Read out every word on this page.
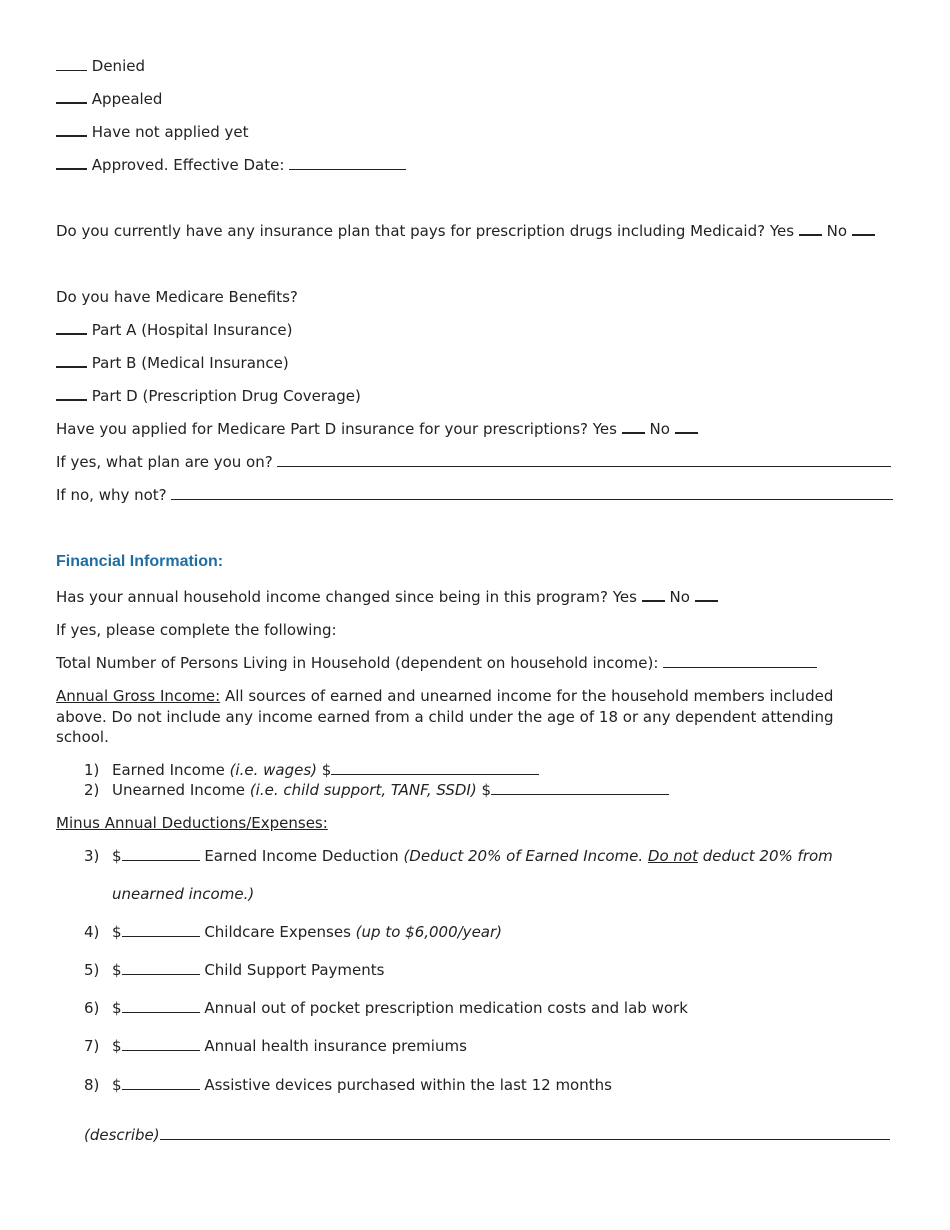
Denied
Appealed
Have not applied yet
Approved. Effective Date:
Do you currently have any insurance plan that pays for prescription drugs including Medicaid? Yes No
Do you have Medicare Benefits?
Part A (Hospital Insurance)
Part B (Medical Insurance)
Part D (Prescription Drug Coverage)
Have you applied for Medicare Part D insurance for your prescriptions? Yes No
If yes, what plan are you on?
If no, why not?
Financial Information:
Has your annual household income changed since being in this program? Yes No
If yes, please complete the following:
Total Number of Persons Living in Household (dependent on household income):
Annual Gross Income: All sources of earned and unearned income for the household members included above. Do not include any income earned from a child under the age of 18 or any dependent attending school.
1) Earned Income (i.e. wages) $
2) Unearned Income (i.e. child support, TANF, SSDI) $
Minus Annual Deductions/Expenses:
3) $	Earned Income Deduction (Deduct 20% of Earned Income. Do not deduct 20% from
unearned income.)
4) $	Childcare Expenses (up to $6,000/year)
5) $	Child Support Payments
6) $	Annual out of pocket prescription medication costs and lab work
7) $	Annual health insurance premiums
8) $	Assistive devices purchased within the last 12 months
(describe)
